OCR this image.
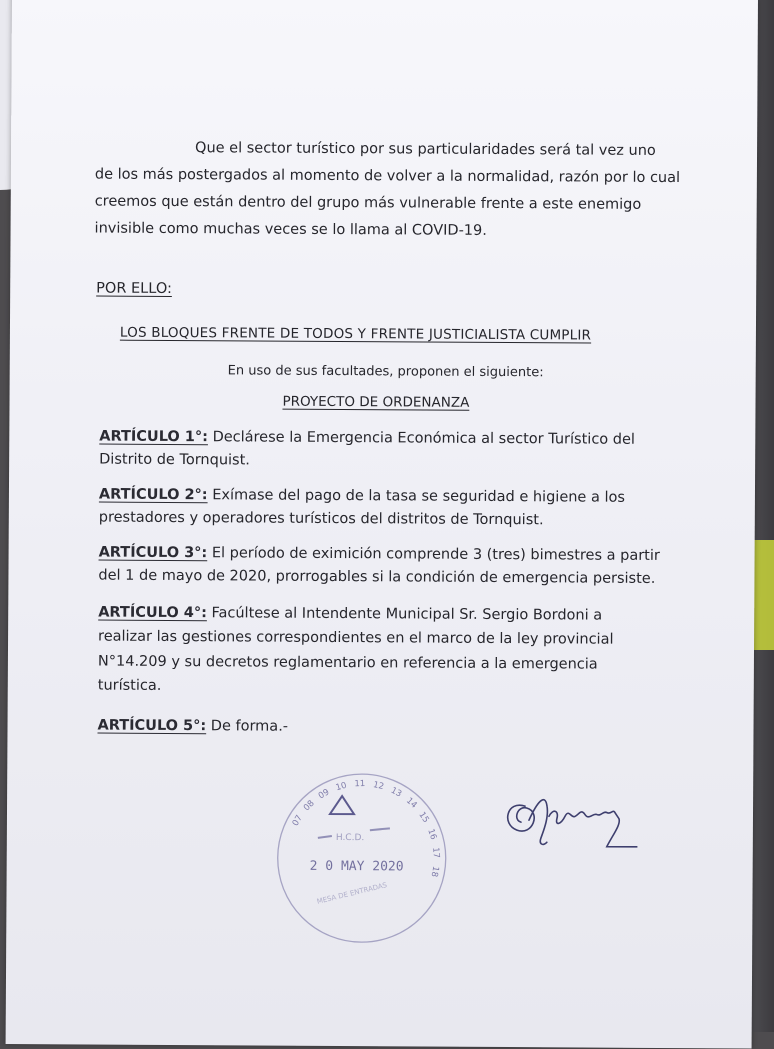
Que el sector turístico por sus particularidades será tal vez uno
de los más postergados al momento de volver a la normalidad, razón por lo cual
creemos que están dentro del grupo más vulnerable frente a este enemigo
invisible como muchas veces se lo llama al COVID-19.
POR ELLO:
LOS BLOQUES FRENTE DE TODOS Y FRENTE JUSTICIALISTA CUMPLIR
En uso de sus facultades, proponen el siguiente:
PROYECTO DE ORDENANZA
ARTÍCULO 1°: Declárese la Emergencia Económica al sector Turístico del
Distrito de Tornquist.
ARTÍCULO 2°: Exímase del pago de la tasa se seguridad e higiene a los
prestadores y operadores turísticos del distritos de Tornquist.
ARTÍCULO 3°: El período de eximición comprende 3 (tres) bimestres a partir
del 1 de mayo de 2020, prorrogables si la condición de emergencia persiste.
ARTÍCULO 4°: Facúltese al Intendente Municipal Sr. Sergio Bordoni a
realizar las gestiones correspondientes en el marco de la ley provincial
N°14.209 y su decretos reglamentario en referencia a la emergencia
turística.
ARTÍCULO 5°: De forma.-
07
08
09
10 11 12 13
14
15
16
17
18
H.C.D.
2 0 MAY 2020
MESA DE ENTRADAS
